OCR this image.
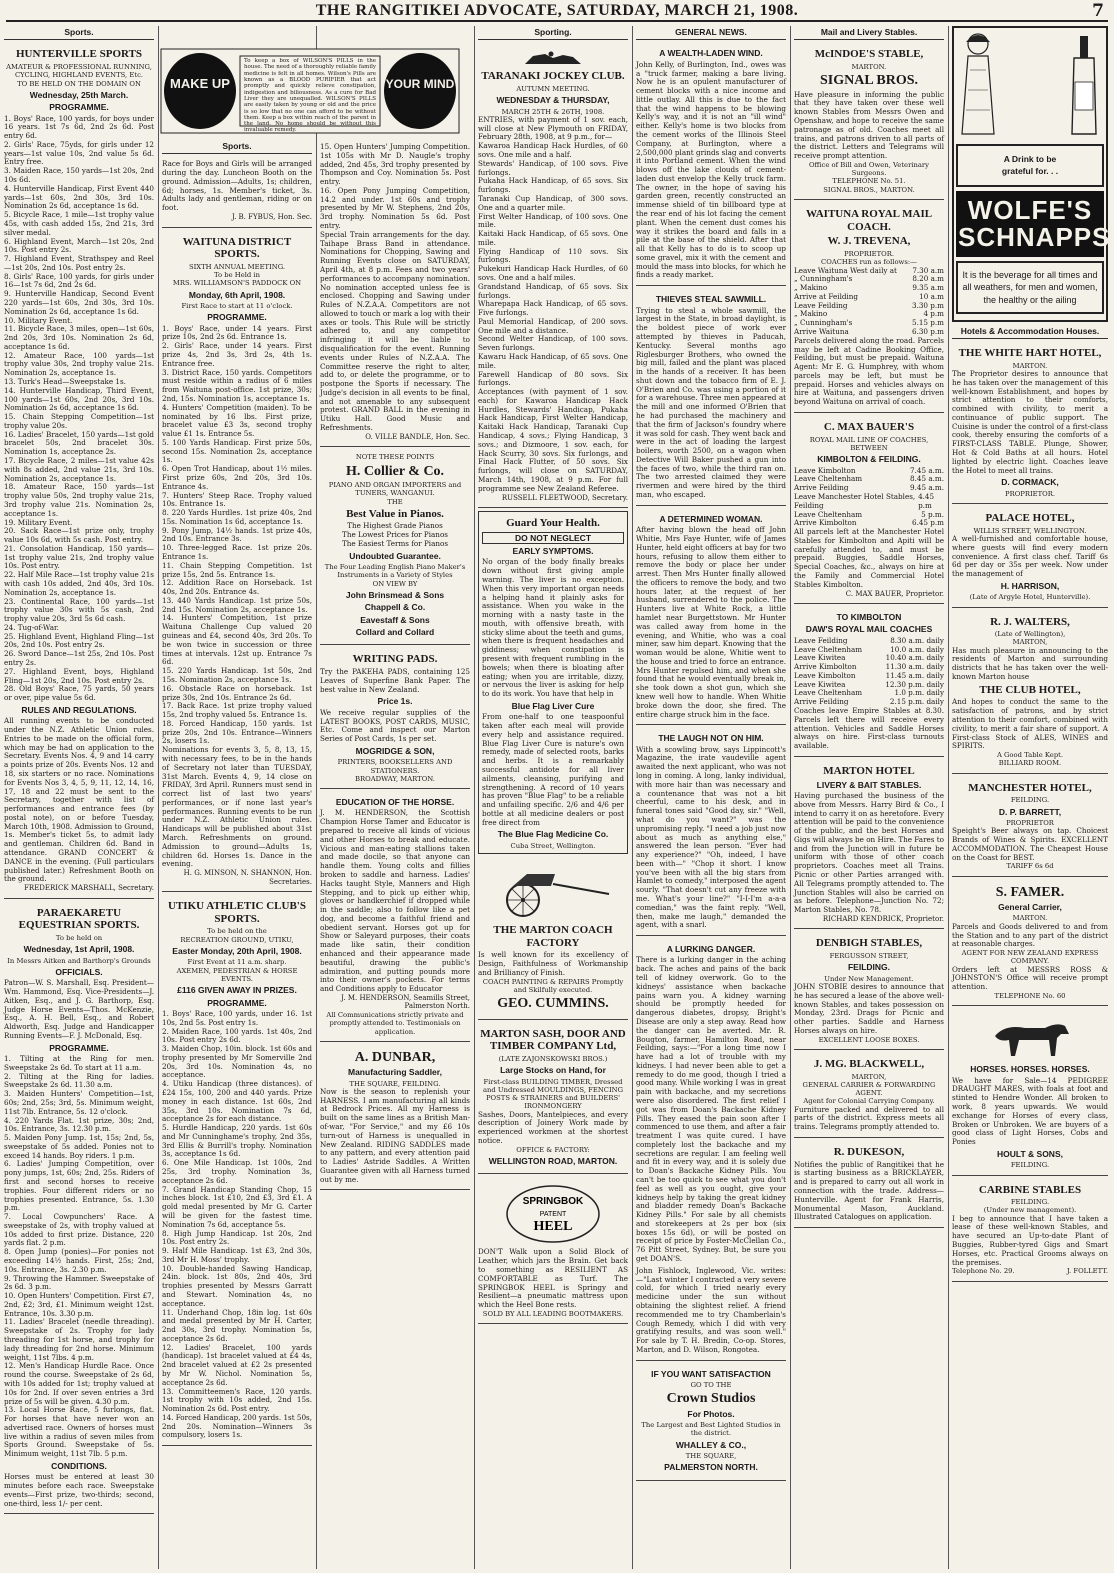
THE RANGITIKEI ADVOCATE, SATURDAY, MARCH 21, 1908.	7
Sports.
HUNTERVILLE SPORTS
AMATEUR & PROFESSIONAL RUNNING, CYCLING, HIGHLAND EVENTS, Etc.
TO BE HELD ON THE DOMAIN ON
Wednesday, 25th March.
PROGRAMME.
1. Boys' Race, 100 yards, for boys under 16 years. 1st 7s 6d, 2nd 2s 6d. Post entry 6d.
2. Girls' Race, 75yds, for girls under 12 years—1st value 10s, 2nd value 5s 6d. Entry free.
3. Maiden Race, 150 yards—1st 20s, 2nd 10s 6d.
4. Hunterville Handicap, First Event 440 yards—1st 60s, 2nd 30s, 3rd 10s. Nomination 2s 6d, acceptance 1s 6d.
5. Bicycle Race, 1 mile—1st trophy value 45s, with cash added 15s, 2nd 21s, 3rd silver medal.
6. Highland Event, March—1st 20s, 2nd 10s. Post entry 2s.
7. Highland Event, Strathspey and Reel—1st 20s, 2nd 10s. Post entry 2s.
8. Girls' Race, 100 yards, for girls under 16—1st 7s 6d, 2nd 2s 6d.
9. Hunterville Handicap, Second Event 220 yards—1st 60s, 2nd 30s, 3rd 10s. Nomination 2s 6d, acceptance 1s 6d.
10. Military Event.
11. Bicycle Race, 3 miles, open—1st 60s, 2nd 20s, 3rd 10s. Nomination 2s 6d, acceptance 1s 6d.
12. Amateur Race, 100 yards—1st trophy value 30s, 2nd trophy value 21s. Nomination 2s, acceptance 1s.
13. Turk's Head—Sweepstake 1s.
14. Hunterville Handicap, Third Event, 100 yards—1st 60s, 2nd 20s, 3rd 10s. Nomination 2s 6d, acceptance 1s 6d.
15. Chain Stepping Competition—1st trophy value 20s.
16. Ladies' Bracelet, 150 yards—1st gold bracelet 50s, 2nd bracelet 30s. Nomination 1s, acceptance 2s.
17. Bicycle Race, 2 miles—1st value 42s with 8s added, 2nd value 21s, 3rd 10s. Nomination 2s, acceptance 1s.
18. Amateur Race, 150 yards—1st trophy value 50s, 2nd trophy value 21s, 3rd trophy value 21s. Nomination 2s, acceptance 1s.
19. Military Event.
20. Sack Race—1st prize only, trophy value 10s 6d, with 5s cash. Post entry.
21. Consolation Handicap, 150 yards—1st trophy value 21s, 2nd trophy value 10s. Post entry.
22. Half Mile Race—1st trophy value 21s with cash 10s added, 2nd 40s, 3rd 10s. Nomination 2s, acceptance 1s.
23. Continental Race, 100 yards—1st trophy value 30s with 5s cash, 2nd trophy value 20s, 3rd 5s 6d cash.
24. Tug-of-War.
25. Highland Event, Highland Fling—1st 20s, 2nd 10s. Post entry 2s.
26. Sword Dance—1st 25s, 2nd 10s. Post entry 2s.
27. Highland Event, boys, Highland Fling—1st 20s, 2nd 10s. Post entry 2s.
28. Old Boys' Race, 75 yards, 50 years or over, pipe value 5s 6d.
RULES AND REGULATIONS.
All running events to be conducted under the N.Z. Athletic Union rules. Entries to be made on the official form, which may be had on application to the Secretary. Events Nos. 4, 9 and 14 carry a points prize of 20s. Events Nos. 12 and 18, six starters or no race. Nominations for Events Nos 3, 4, 5, 9, 11, 12, 14, 16, 17, 18 and 22 must be sent to the Secretary, together with list of performances and entrance fees (by postal note), on or before Tuesday, March 10th, 1908. Admission to Ground, 1s. Member's ticket 5s, to admit lady and gentleman. Children 6d. Band in attendance. GRAND CONCERT & DANCE in the evening. (Full particulars published later.) Refreshment Booth on the ground.
FREDERICK MARSHALL, Secretary.
PARAEKARETU EQUESTRIAN SPORTS.
To be held on
Wednesday, 1st April, 1908.
In Messrs Aitken and Barthorp's Grounds
OFFICIALS.
Patron—W. S. Marshall, Esq. President—Wm. Hammond, Esq. Vice-Presidents—J. Aitken, Esq., and J. G. Barthorp, Esq. Judge Horse Events—Thos. McKenzie, Esq., A. H. Bell, Esq., and Robert Aldworth, Esq. Judge and Handicapper Running Events—F. J. McDonald, Esq.
PROGRAMME.
1. Tilting at the Ring for men. Sweepstake 2s 6d. To start at 11 a.m.
2. Tilting at the Ring for ladies. Sweepstake 2s 6d. 11.30 a.m.
3. Maiden Hunters' Competition—1st, 60s; 2nd, 25s; 3rd, 5s. Minimum weight, 11st 7lb. Entrance, 5s. 12 o'clock.
4. 220 Yards Flat. 1st prize, 30s; 2nd, 10s. Entrance, 3s. 12.30 p.m.
5. Maiden Pony Jump. 1st, 15s; 2nd, 5s, sweepstake of 5s added. Ponies not to exceed 14 hands. Boy riders. 1 p.m.
6. Ladies' Jumping Competition, over pony jumps, 1st, 60s; 2nd, 25s. Riders of first and second horses to receive trophies. Four different riders or no trophies presented. Entrance, 5s. 1.30 p.m.
7. Local Cowpunchers' Race. A sweepstake of 2s, with trophy valued at 10s added to first prize. Distance, 220 yards flat. 2 p.m.
8. Open Jump (ponies)—For ponies not exceeding 14½ hands. First, 25s; 2nd, 10s. Entrance, 3s. 2.30 p.m.
9. Throwing the Hammer. Sweepstake of 2s 6d. 3 p.m.
10. Open Hunters' Competition. First £7, 2nd, £2; 3rd, £1. Minimum weight 12st. Entrance, 10s. 3.30 p.m.
11. Ladies' Bracelet (needle threading). Sweepstake of 2s. Trophy for lady threading for 1st horse, and trophy for lady threading for 2nd horse. Minimum weight, 11st 7lbs. 4 p.m.
12. Men's Handicap Hurdle Race. Once round the course. Sweepstake of 2s 6d, with 10s added for 1st; trophy valued at 10s for 2nd. If over seven entries a 3rd prize of 5s will be given. 4.30 p.m.
13. Local Horse Race, 5 furlongs, flat. For horses that have never won an advertised race. Owners of horses must live within a radius of seven miles from Sports Ground. Sweepstake of 5s. Minimum weight, 11st 7lb. 5 p.m.
CONDITIONS.
Horses must be entered at least 30 minutes before each race. Sweepstake events—First prize, two-thirds; second, one-third, less 1/- per cent.
MAKE UP	YOUR MIND
To keep a box of WILSON'S PILLS in the house. The need of a thoroughly reliable family medicine is felt in all homes. Wilson's Pills are known as a BLOOD PURIFIER that act promptly and quickly relieve constipation, indigestion and biliousness. As a cure for Bad Liver they are unequalled. WILSON'S PILLS are easily taken by young or old and the price is so low that no one can afford to be without them. Keep a box within reach of the parent in the land. No home should be without this invaluable remedy.
Sports.
Race for Boys and Girls will be arranged during the day. Luncheon Booth on the ground. Admission—Adults, 1s; children, 6d; horses, 1s. Member's ticket, 3s. Adults lady and gentleman, riding or on foot.
J. B. FYBUS, Hon. Sec.
WAITUNA DISTRICT SPORTS.
SIXTH ANNUAL MEETING.
To be Held in
MRS. WILLIAMSON'S PADDOCK ON
Monday, 6th April, 1908.
First Race to start at 11 o'clock.
PROGRAMME.
1. Boys' Race, under 14 years. First prize 10s, 2nd 2s 6d. Entrance 1s.
2. Girls' Race, under 14 years. First prize 4s, 2nd 3s, 3rd 2s, 4th 1s. Entrance free.
3. District Race, 150 yards. Competitors must reside within a radius of 6 miles from Waituna post-office. 1st prize, 30s; 2nd, 15s. Nomination 1s, acceptance 1s.
4. Hunters' Competition (maiden). To be nominated by 16 lbs. First prize, bracelet value £3 3s, second trophy value £1 1s. Entrance 5s.
5. 100 Yards Handicap. First prize 50s, second 15s. Nomination 2s, acceptance 1s.
6. Open Trot Handicap, about 1½ miles. First prize 60s, 2nd 20s, 3rd 10s. Entrance 4s.
7. Hunters' Steep Race. Trophy valued 10s. Entrance 1s.
8. 220 Yards Hurdles. 1st prize 40s, 2nd 15s. Nomination 1s 6d, acceptance 1s.
9. Pony Jump, 14½ hands. 1st prize 40s, 2nd 10s. Entrance 3s.
10. Three-legged Race. 1st prize 20s. Entrance 1s.
11. Chain Stepping Competition. 1st prize 15s, 2nd 5s. Entrance 1s.
12. Addition Race on Horseback. 1st 40s, 2nd 20s. Entrance 4s.
13. 440 Yards Handicap. 1st prize 50s, 2nd 15s. Nomination 2s, acceptance 1s.
14. Hunters' Competition, 1st prize Waituna Challenge Cup valued 20 guineas and £4, second 40s, 3rd 20s. To be won twice in succession or three times at intervals. 12st up. Entrance 7s 6d.
15. 220 Yards Handicap. 1st 50s, 2nd 15s. Nomination 2s, acceptance 1s.
16. Obstacle Race on horseback. 1st prize 30s, 2nd 10s. Entrance 2s 6d.
17. Back Race. 1st prize trophy valued 15s, 2nd trophy valued 5s. Entrance 1s.
18. Forced Handicap, 150 yards. 1st prize 20s, 2nd 10s. Entrance—Winners 2s, losers 1s.
Nominations for events 3, 5, 8, 13, 15, with necessary fees, to be in the hands of Secretary not later than TUESDAY, 31st March. Events 4, 9, 14 close on FRIDAY, 3rd April. Runners must send in correct list of last two years' performances, or if none last year's performances. Running events to be run under N.Z. Athletic Union rules. Handicaps will be published about 31st March. Refreshments on ground. Admission to ground—Adults 1s, children 6d. Horses 1s. Dance in the evening.
H. G. MINSON, N. SHANNON, Hon. Secretaries.
UTIKU ATHLETIC CLUB'S SPORTS.
To be held on the
RECREATION GROUND, UTIKU,
Easter Monday, 20th April, 1908.
First Event at 11 a.m. sharp.
AXEMEN, PEDESTRIAN & HORSE EVENTS.
£116 GIVEN AWAY IN PRIZES.
PROGRAMME.
1. Boys' Race, 100 yards, under 16. 1st 10s, 2nd 5s. Post entry 1s.
2. Maiden Race, 100 yards. 1st 40s, 2nd 10s. Post entry 2s 6d.
3. Maiden Chop, 10in. block. 1st 60s and trophy presented by Mr Somerville 2nd 20s, 3rd 10s. Nomination 4s, no acceptance.
4. Utiku Handicap (three distances). of £24 15s, 100, 200 and 440 yards. Prize money in each distance. 1st 60s, 2nd 35s, 3rd 10s. Nomination 7s 6d, acceptance 2s for each distance.
5. Hurdle Handicap, 220 yards. 1st 60s and Mr Cunninghame's trophy, 2nd 35s, 3rd Ellis & Burrill's trophy. Nomination 3s, acceptance 1s 6d.
6. One Mile Handicap. 1st 100s, 2nd 25s, 3rd trophy. Nomination 3s, acceptance 2s 6d.
7. Grand Handicap Standing Chop, 15 inches block. 1st £10, 2nd £3, 3rd £1. A gold medal presented by Mr G. Carter will be given for the fastest time. Nomination 7s 6d, acceptance 5s.
8. High Jump Handicap. 1st 20s, 2nd 10s. Post entry 2s.
9. Half Mile Handicap. 1st £3, 2nd 30s, 3rd Mr H. Moss' trophy.
10. Double-handed Sawing Handicap, 24in. block. 1st 80s, 2nd 40s, 3rd trophies presented by Messrs Garratt and Stewart. Nomination 4s, no acceptance.
11. Underhand Chop, 18in log. 1st 60s and medal presented by Mr H. Carter, 2nd 30s, 3rd trophy. Nomination 5s, acceptance 2s 6d.
12. Ladies' Bracelet, 100 yards (handicap). 1st bracelet valued at £4 4s, 2nd bracelet valued at £2 2s presented by Mr W. Nichol. Nomination 5s, acceptance 2s 6d.
13. Committeemen's Race, 120 yards. 1st trophy with 10s added, 2nd 15s. Nomination 2s 6d. Post entry.
14. Forced Handicap, 200 yards. 1st 50s, 2nd 20s. Nomination—Winners 3s compulsory, losers 1s.
15. Open Hunters' Jumping Competition. 1st 105s with Mr D. Naugle's trophy added, 2nd 45s, 3rd trophy presented by Thompson and Coy. Nomination 5s. Post entry.
16. Open Pony Jumping Competition, 14.2 and under. 1st 60s and trophy presented by Mr W. Stephens, 2nd 20s, 3rd trophy. Nomination 5s 6d. Post entry.
Special Train arrangements for the day. Taihape Brass Band in attendance. Nominations for Chopping, Sawing and Running Events close on SATURDAY, April 4th, at 8 p.m. Fees and two years' performances to accompany nomination. No nomination accepted unless fee is enclosed. Chopping and Sawing under Rules of N.Z.A.A. Competitors are not allowed to touch or mark a log with their axes or tools. This Rule will be strictly adhered to, and any competitor infringing it will be liable to disqualification for the event. Running events under Rules of N.Z.A.A. The Committee reserve the right to alter, add to, or delete the programme, or to postpone the Sports if necessary. The Judge's decision in all events to be final, and not amenable to any subsequent protest. GRAND BALL in the evening in Utiku Hall. Good Music and Refreshments.
O. VILLE BANDLE, Hon. Sec.
NOTE THESE POINTS
H. Collier & Co.
PIANO AND ORGAN IMPORTERS and TUNERS, WANGANUI.
THE
Best Value in Pianos.
The Highest Grade Pianos
The Lowest Prices for Pianos
The Easiest Terms for Pianos
Undoubted Guarantee.
The Four Leading English Piano Maker's Instruments in a Variety of Styles
ON VIEW BY
John Brinsmead & Sons
Chappell & Co.
Eavestaff & Sons
Collard and Collard
WRITING PADS.
Try the PAKEHA PADS, containing 125 Leaves of Superfine Bank Paper. The best value in New Zealand.
Price 1s.
We receive regular supplies of the LATEST BOOKS, POST CARDS, MUSIC, Etc. Come and inspect our Marton Series of Post Cards, 1s per set.
MOGRIDGE & SON,
PRINTERS, BOOKSELLERS AND STATIONERS.
BROADWAY, MARTON.
EDUCATION OF THE HORSE.
J. M. HENDERSON, the Scottish Champion Horse Tamer and Educator is prepared to receive all kinds of vicious and other Horses to break and educate. Vicious and man-eating stallions taken and made docile, so that anyone can handle them. Young colts and fillies broken to saddle and harness. Ladies' Hacks taught Style, Manners and High Stepping, and to pick up either whip, gloves or handkerchief if dropped while in the saddle; also to follow like a pet dog, and become a faithful friend and obedient servant. Horses got up for Show or Saleyard purposes, their coats made like satin, their condition enhanced and their appearance made beautiful, drawing the public's admiration, and putting pounds more into their owner's pockets. For terms and Conditions apply to Educator
J. M. HENDERSON, Seamills Street, Palmerston North.
All Communications strictly private and promptly attended to. Testimonials on application.
A. DUNBAR,
Manufacturing Saddler,
THE SQUARE, FEILDING.
Now is the season to replenish your HARNESS. I am manufacturing all kinds at Bedrock Prices. All my Harness is built on the same lines as a British Man-of-war, "For Service," and my £6 10s turn-out of Harness is unequalled in New Zealand. RIDING SADDLES made to any pattern, and every attention paid to Ladies' Astride Saddles. A Written Guarantee given with all Harness turned out by me.
Sporting.
TARANAKI JOCKEY CLUB.
AUTUMN MEETING.
WEDNESDAY & THURSDAY,
MARCH 25TH & 26TH, 1908.
ENTRIES, with payment of 1 sov. each, will close at New Plymouth on FRIDAY, February 28th, 1908, at 9 p.m., for—
Kawaroa Handicap Hack Hurdles, of 60 sovs. One mile and a half.
Stewards' Handicap, of 100 sovs. Five furlongs.
Pukaha Hack Handicap, of 65 sovs. Six furlongs.
Taranaki Cup Handicap, of 300 sovs. One and a quarter mile.
First Welter Handicap, of 100 sovs. One mile.
Kaitaki Hack Handicap, of 65 sovs. One mile.
Flying Handicap of 110 sovs. Six furlongs.
Pukekuri Handicap Hack Hurdles, of 60 sovs. One and a half miles.
Grandstand Handicap, of 65 sovs. Six furlongs.
Wharepapa Hack Handicap, of 65 sovs. Five furlongs.
Paul Memorial Handicap, of 200 sovs. One mile and a distance.
Second Welter Handicap, of 100 sovs. Seven furlongs.
Kawaru Hack Handicap, of 65 sovs. One mile.
Farewell Handicap of 80 sovs. Six furlongs.
Acceptances (with payment of 1 sov. each) for Kawaroa Handicap Hack Hurdles, Stewards' Handicap, Pukaha Hack Handicap, First Welter Handicap, Kaitaki Hack Handicap, Taranaki Cup Handicap, 4 sovs.; Flying Handicap, 3 sovs.; and Dizmoore, 1 sov. each, for Hack Scurry, 30 sovs. Six furlongs, and Final Hack Flutter, of 50 sovs. Six furlongs, will close on SATURDAY, March 14th, 1908, at 9 p.m. For full programme see New Zealand Referee.
RUSSELL FLEETWOOD, Secretary.
Guard Your Health.
DO NOT NEGLECT
EARLY SYMPTOMS.
No organ of the body finally breaks down without first giving ample warning. The liver is no exception. When this very important organ needs a helping hand it plainly asks for assistance. When you wake in the morning with a nasty taste in the mouth, with offensive breath, with sticky slime about the teeth and gums, when there is frequent headaches and giddiness; when constipation is present with frequent rumbling in the bowels; when there is bloating after eating; when you are irritable, dizzy, or nervous the liver is asking for help to do its work. You have that help in
Blue Flag Liver Cure
From one-half to one teaspoonful taken after each meal will provide every help and assistance required. Blue Flag Liver Cure is nature's own remedy, made of selected roots, barks and herbs. It is a remarkably successful antidote for all liver ailments, cleansing, purifying and strengthening. A record of 10 years has proven "Blue Flag" to be a reliable and unfailing specific. 2/6 and 4/6 per bottle at all medicine dealers or post free direct from
The Blue Flag Medicine Co.
Cuba Street, Wellington.
THE MARTON COACH FACTORY
Is well known for its excellency of Design, Faithfulness of Workmanship and Brilliancy of Finish.
COACH PAINTING & REPAIRS Promptly and Skilfully executed.
GEO. CUMMINS.
MARTON SASH, DOOR AND TIMBER COMPANY Ltd,
(LATE ZAJONSKOWSKI BROS.)
Large Stocks on Hand, for
First-class BUILDING TIMBER, Dressed and Undressed MOULDINGS, FENCING POSTS & STRAINERS and BUILDERS' IRONMONGERY
Sashes, Doors, Mantelpieces, and every description of Joinery Work made by experienced workmen at the shortest notice.
OFFICE & FACTORY:
WELLINGTON ROAD, MARTON.
SPRINGBOK
PATENT
HEEL
DON'T Walk upon a Solid Block of Leather, which jars the Brain. Get back to something as RESILIENT AS COMFORTABLE as Turf. The SPRINGBOK HEEL is Springy and Resilient—a pneumatic mattress upon which the Heel Bone rests.
SOLD BY ALL LEADING BOOTMAKERS.
GENERAL NEWS.
A WEALTH-LADEN WIND.
John Kelly, of Burlington, Ind., owes was a "truck farmer, making a bare living. Now he is an opulent manufacturer of cement blocks with a nice income and little outlay. All this is due to the fact that the wind happens to be blowing Kelly's way, and it is not an "ill wind" either. Kelly's home is two blocks from the cement works of the Illinois Steel Company, at Burlington, where a 2,500,000 plant grinds slag and converts it into Portland cement. When the wind blows off the lake clouds of cement-laden dust envelop the Kelly truck farm. The owner, in the hope of saving his garden green, recently constructed an immense shield of tin billboard type at the rear end of his lot facing the cement plant. When the cement dust comes his way it strikes the board and falls in a pile at the base of the shield. After that all that Kelly has to do is to scoop up some gravel, mix it with the cement and mould the mass into blocks, for which he finds a ready market.
THIEVES STEAL SAWMILL.
Trying to steal a whole sawmill, the largest in the State, in broad daylight, is the boldest piece of work ever attempted by thieves in Paducah, Kentucky. Several months ago Riglesburger Brothers, who owned the big mill, failed and the plant was placed in the hands of a receiver. It has been shut down and the tobacco firm of E. J. O'Brien and Co. was using a portion of it for a warehouse. Three men appeared at the mill and one informed O'Brien that he had purchased the machinery and that the firm of Jackson's foundry where it was sold for cash. They went back and were in the act of loading the largest boilers, worth 2500, on a wagon when Detective Will Baker pushed a gun into the faces of two, while the third ran on. The two arrested claimed they were rivermen and were hired by the third man, who escaped.
A DETERMINED WOMAN.
After having blown the head off John Whitie, Mrs Faye Hunter, wife of James Hunter, held eight officers at bay for two hours, refusing to allow them either to remove the body or place her under arrest. Then Mrs Hunter finally allowed the officers to remove the body, and two hours later, at the request of her husband, surrendered to the police. The Hunters live at White Rock, a little hamlet near Burgettstown. Mr Hunter was called away from home in the evening, and Whitie, who was a coal miner, saw him depart. Knowing that the woman would be alone, Whitie went to the house and tried to force an entrance. Mrs Hunter repulsed him, and when she found that he would eventually break in, she took down a shot gun, which she knew well how to handle. When Whitie broke down the door, she fired. The entire charge struck him in the face.
THE LAUGH NOT ON HIM.
With a scowling brow, says Lippincott's Magazine, the irate vaudeville agent awaited the next applicant, who was not long in coming. A long, lanky individual, with more hair than was necessary and a countenance that was not a bit cheerful, came to his desk, and in funeral tones said "Good day, sir." "Well, what do you want?" was the unpromising reply. "I need a job just now about as much as anything else," answered the lean person. "Ever had any experience?" "Oh, indeed, I have been with—" "Chop it short. I know you've been with all the big stars from Hamlet to comedy," interposed the agent sourly. "That doesn't cut any freeze with me. What's your line?" "I-I-I'm a-a-a comedian," was the faint reply. "Well, then, make me laugh," demanded the agent, with a snarl.
A LURKING DANGER.
There is a lurking danger in the aching back. The aches and pains of the back tell of kidney overwork. Go to the kidneys' assistance when backache pains warn you. A kidney warning should be promptly heeded for dangerous diabetes, dropsy, Bright's Disease are only a step away. Read how the danger can be averted. Mr. R. Bougton, farmer, Hamilton Road, near Feilding, says:—"For a long time now I have had a lot of trouble with my kidneys. I had never been able to get a remedy to do me good, though I tried a good many. While working I was in great pain with backache, and my secretions were also disordered. The first relief I got was from Doan's Backache Kidney Pills. They eased the pain soon after I commenced to use them, and after a fair treatment I was quite cured. I have completely lost the backache and my secretions are regular. I am feeling well and fit in every way, and it is solely due to Doan's Backache Kidney Pills. You can't be too quick to see what you don't feel as well as you ought, give your kidneys help by taking the great kidney and bladder remedy Doan's Backache Kidney Pills." For sale by all chemists and storekeepers at 2s per box (six boxes 15s 6d), or will be posted on receipt of price by Foster-McClellan Co., 76 Pitt Street, Sydney. But, be sure you get DOAN'S.
John Fishlock, Inglewood, Vic. writes:—"Last winter I contracted a very severe cold, for which I tried nearly every medicine under the sun without obtaining the slightest relief. A friend recommended me to try Chamberlain's Cough Remedy, which I did with very gratifying results, and was soon well." For sale by T. H. Bredin, Co-op. Stores, Marton, and D. Wilson, Rongotea.
IF YOU WANT SATISFACTION
GO TO THE
Crown Studios
For Photos.
The Largest and Best Lighted Studios in the district.
WHALLEY & CO.,
THE SQUARE,
PALMERSTON NORTH.
Mail and Livery Stables.
McINDOE'S STABLE,
MARTON.
SIGNAL BROS.
Have pleasure in informing the public that they have taken over these well known Stables from Messrs Owen and Openshaw, and hope to receive the same patronage as of old. Coaches meet all trains, and patrons driven to all parts of the district. Letters and Telegrams will receive prompt attention.
Office of Bill and Owen, Veterinary Surgeons.
TELEPHONE No. 51.
SIGNAL BROS., MARTON.
WAITUNA ROYAL MAIL COACH.
W. J. TREVENA,
PROPRIETOR.
COACHES run as follows:—
Leave Waituna West daily at 7.30 a.m
„ Cunningham's	8.20 a.m
„ Makino	9.35 a.m
Arrive at Feilding	10 a.m
Leave Feilding	3.30 p.m
„ Makino	4 p.m
„ Cunningham's	5.15 p.m
Arrive Waituna	6.30 p.m
Parcels delivered along the road. Parcels may be left at Cadine Booking Office, Feilding, but must be prepaid. Waituna Agent: Mr E. G. Humphrey, with whom parcels may be left, but must be prepaid. Horses and vehicles always on hire at Waituna, and passengers driven beyond Waituna on arrival of coach.
C. MAX BAUER'S
ROYAL MAIL LINE OF COACHES,
BETWEEN
KIMBOLTON & FEILDING.
Leave Kimbolton	7.45 a.m.
Leave Cheltenham	8.45 a.m.
Arrive Feilding	9.45 a.m.
Leave Manchester Hotel Stables, Feilding
4.45 p.m
Leave Cheltenham	5 p.m.
Arrive Kimbolton	6.45 p.m
All parcels left at the Manchester Hotel Stables for Kimbolton and Apiti will be carefully attended to, and must be prepaid. Buggies, Saddle Horses, Special Coaches, &c., always on hire at the Family and Commercial Hotel Stables Kimbolton.
C. MAX BAUER, Proprietor.
TO KIMBOLTON
DAW'S ROYAL MAIL COACHES
Leave Feilding	8.30 a.m. daily
Leave Cheltenham	10.0 a.m. daily
Leave Kiwitea	10.40 a.m. daily
Arrive Kimbolton	11.30 a.m. daily
Leave Kimbolton	11.45 a.m. daily
Leave Kiwitea	12.30 p.m. daily
Leave Cheltenham	1.0 p.m. daily
Arrive Feilding	2.15 p.m. daily
Coaches leave Empire Stables at 8.30. Parcels left there will receive every attention. Vehicles and Saddle Horses always on hire. First-class turnouts available.
MARTON HOTEL
LIVERY & BAIT STABLES.
Having purchased the business of the above from Messrs. Harry Bird & Co., I intend to carry it on as heretofore. Every attention will be paid to the convenience of the public, and the best Horses and Gigs will always be on Hire. The Fares to and from the Junction will in future be uniform with those of other coach proprietors. Coaches meet all Trains. Picnic or other Parties arranged with. All Telegrams promptly attended to. The Junction Stables will also be carried on as before. Telephone—Junction No. 72; Marton Stables, No. 78.
RICHARD KENDRICK, Proprietor.
DENBIGH STABLES,
FERGUSSON STREET,
FEILDING.
Under New Management.
JOHN STOBIE desires to announce that he has secured a lease of the above well-known Stables, and takes possession on Monday, 23rd. Drags for Picnic and other parties. Saddle and Harness Horses always on hire.
EXCELLENT LOOSE BOXES.
J. MG. BLACKWELL,
MARTON,
GENERAL CARRIER & FORWARDING AGENT.
Agent for Colonial Carrying Company.
Furniture packed and delivered to all parts of the district. Express meets all trains. Telegrams promptly attended to.
R. DUKESON,
Notifies the public of Rangitikei that he is starting business as a BRICKLAYER, and is prepared to carry out all work in connection with the trade. Address—Hunterville. Agent for Frank Harris, Monumental Mason, Auckland. Illustrated Catalogues on application.
A Drink to be
grateful for. . .
WOLFE'S
SCHNAPPS
It is the beverage for all times and all weathers, for men and women, the healthy or the ailing
Hotels & Accommodation Houses.
THE WHITE HART HOTEL,
MARTON.
The Proprietor desires to announce that he has taken over the management of this well-known Establishment, and hopes by strict attention to their comforts, combined with civility, to merit a continuance of public support. The Cuisine is under the control of a first-class cook, thereby ensuring the comforts of a FIRST-CLASS TABLE. Plunge, Shower, Hot & Cold Baths at all hours. Hotel lighted by electric light. Coaches leave the Hotel to meet all trains.
D. CORMACK,
PROPRIETOR.
PALACE HOTEL,
WILLIS STREET, WELLINGTON.
A well-furnished and comfortable house, where guests will find every modern convenience. A first class chef. Tariff 6s 6d per day or 35s per week. Now under the management of
H. HARRISON,
(Late of Argyle Hotel, Hunterville).
R. J. WALTERS,
(Late of Wellington),
MARTON,
Has much pleasure in announcing to the residents of Marton and surrounding districts that he has taken over the well-known Marton house
THE CLUB HOTEL,
And hopes to conduct the same to the satisfaction of patrons, and by strict attention to their comfort, combined with civility, to merit a fair share of support. A First-class Stock of ALES, WINES and SPIRITS.
A Good Table Kept.
BILLIARD ROOM.
MANCHESTER HOTEL,
FEILDING.
D. P. BARRETT,
PROPRIETOR
Speight's Beer always on tap. Choicest Brands of Wines & Spirits. EXCELLENT ACCOMMODATION. The Cheapest House on the Coast for BEST.
TARIFF 6s 6d
S. FAMER.
General Carrier,
MARTON.
Parcels and Goods delivered to and from the Station and to any part of the district at reasonable charges.
AGENT FOR NEW ZEALAND EXPRESS COMPANY.
Orders left at MESSRS ROSS & JOHNSTON'S Office will receive prompt attention.
TELEPHONE No. 60
HORSES. HORSES. HORSES.
We have for Sale—14 PEDIGREE DRAUGHT MARES, with foals at foot and stinted to Hendre Wonder. All broken to work, 8 years upwards. We would exchange for Horses of every class, Broken or Unbroken. We are buyers of a good class of Light Horses, Cobs and Ponies
HOULT & SONS,
FEILDING.
CARBINE STABLES
FEILDING.
(Under new management).
I beg to announce that I have taken a lease of these well-known Stables, and have secured an Up-to-date Plant of Buggies, Rubber-tyred Gigs and Smart Horses, etc. Practical Grooms always on the premises.
Telephone No. 29.	J. FOLLETT.
